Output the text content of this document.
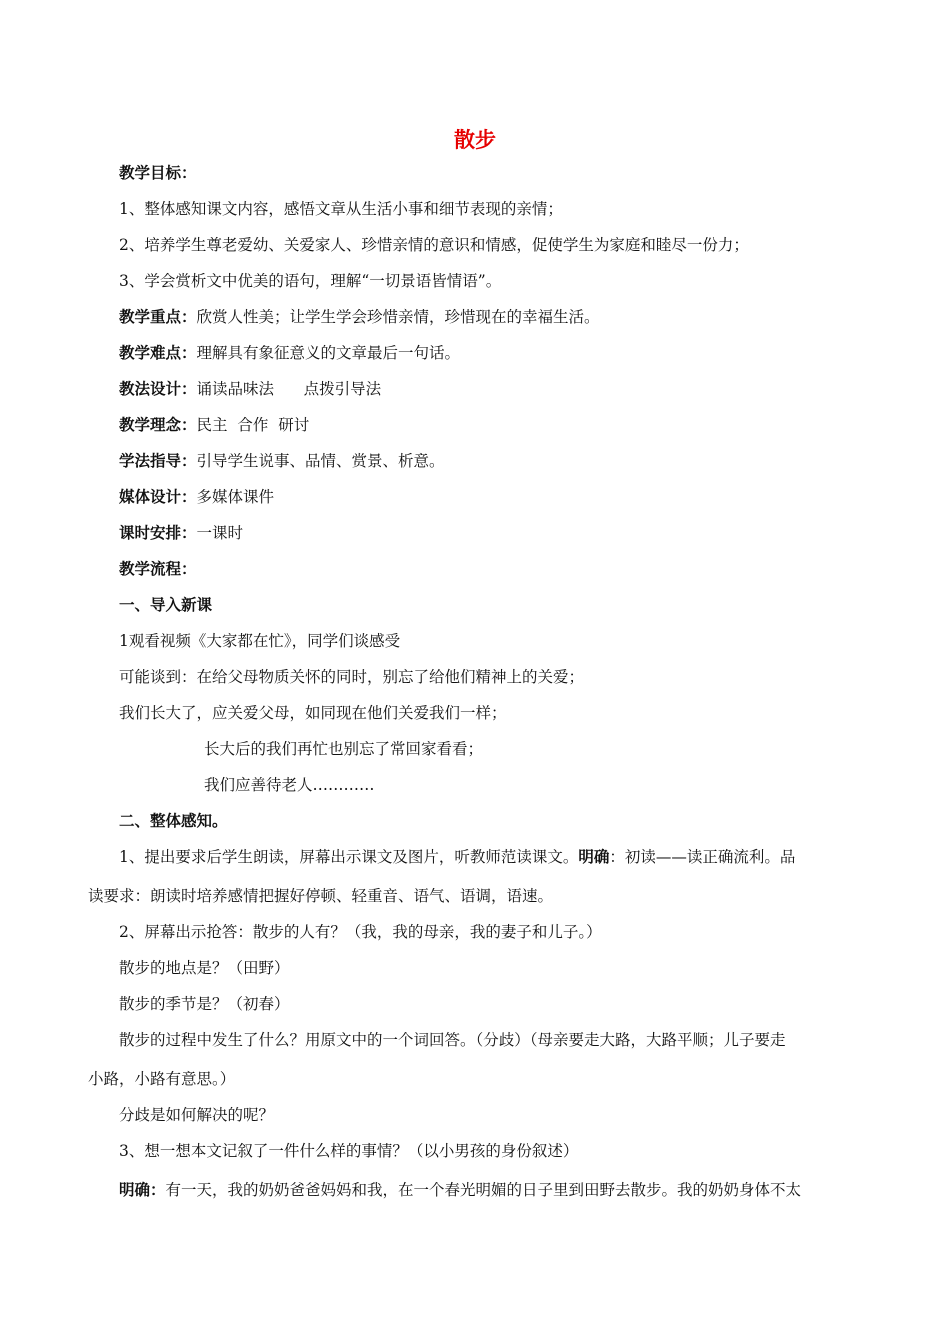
散步
教学目标：
1、整体感知课文内容，感悟文章从生活小事和细节表现的亲情；
2、培养学生尊老爱幼、关爱家人、珍惜亲情的意识和情感，促使学生为家庭和睦尽一份力；
3、学会赏析文中优美的语句，理解“一切景语皆情语”。
教学重点：欣赏人性美；让学生学会珍惜亲情，珍惜现在的幸福生活。
教学难点：理解具有象征意义的文章最后一句话。
教法设计：诵读品味法      点拨引导法
教学理念：民主  合作  研讨
学法指导：引导学生说事、品情、赏景、析意。
媒体设计：多媒体课件
课时安排：一课时
教学流程：
一、导入新课
1观看视频《大家都在忙》，同学们谈感受
可能谈到：在给父母物质关怀的同时，别忘了给他们精神上的关爱；
我们长大了，应关爱父母，如同现在他们关爱我们一样；
长大后的我们再忙也别忘了常回家看看；
我们应善待老人…………
二、整体感知。
1、提出要求后学生朗读，屏幕出示课文及图片，听教师范读课文。明确：初读——读正确流利。品
读要求：朗读时培养感情把握好停顿、轻重音、语气、语调，语速。
2、屏幕出示抢答：散步的人有？（我，我的母亲，我的妻子和儿子。）
散步的地点是？（田野）
散步的季节是？（初春）
散步的过程中发生了什么？用原文中的一个词回答。（分歧）（母亲要走大路，大路平顺；儿子要走
小路，小路有意思。）
分歧是如何解决的呢？
3、想一想本文记叙了一件什么样的事情？（以小男孩的身份叙述）
明确：有一天，我的奶奶爸爸妈妈和我，在一个春光明媚的日子里到田野去散步。我的奶奶身体不太
